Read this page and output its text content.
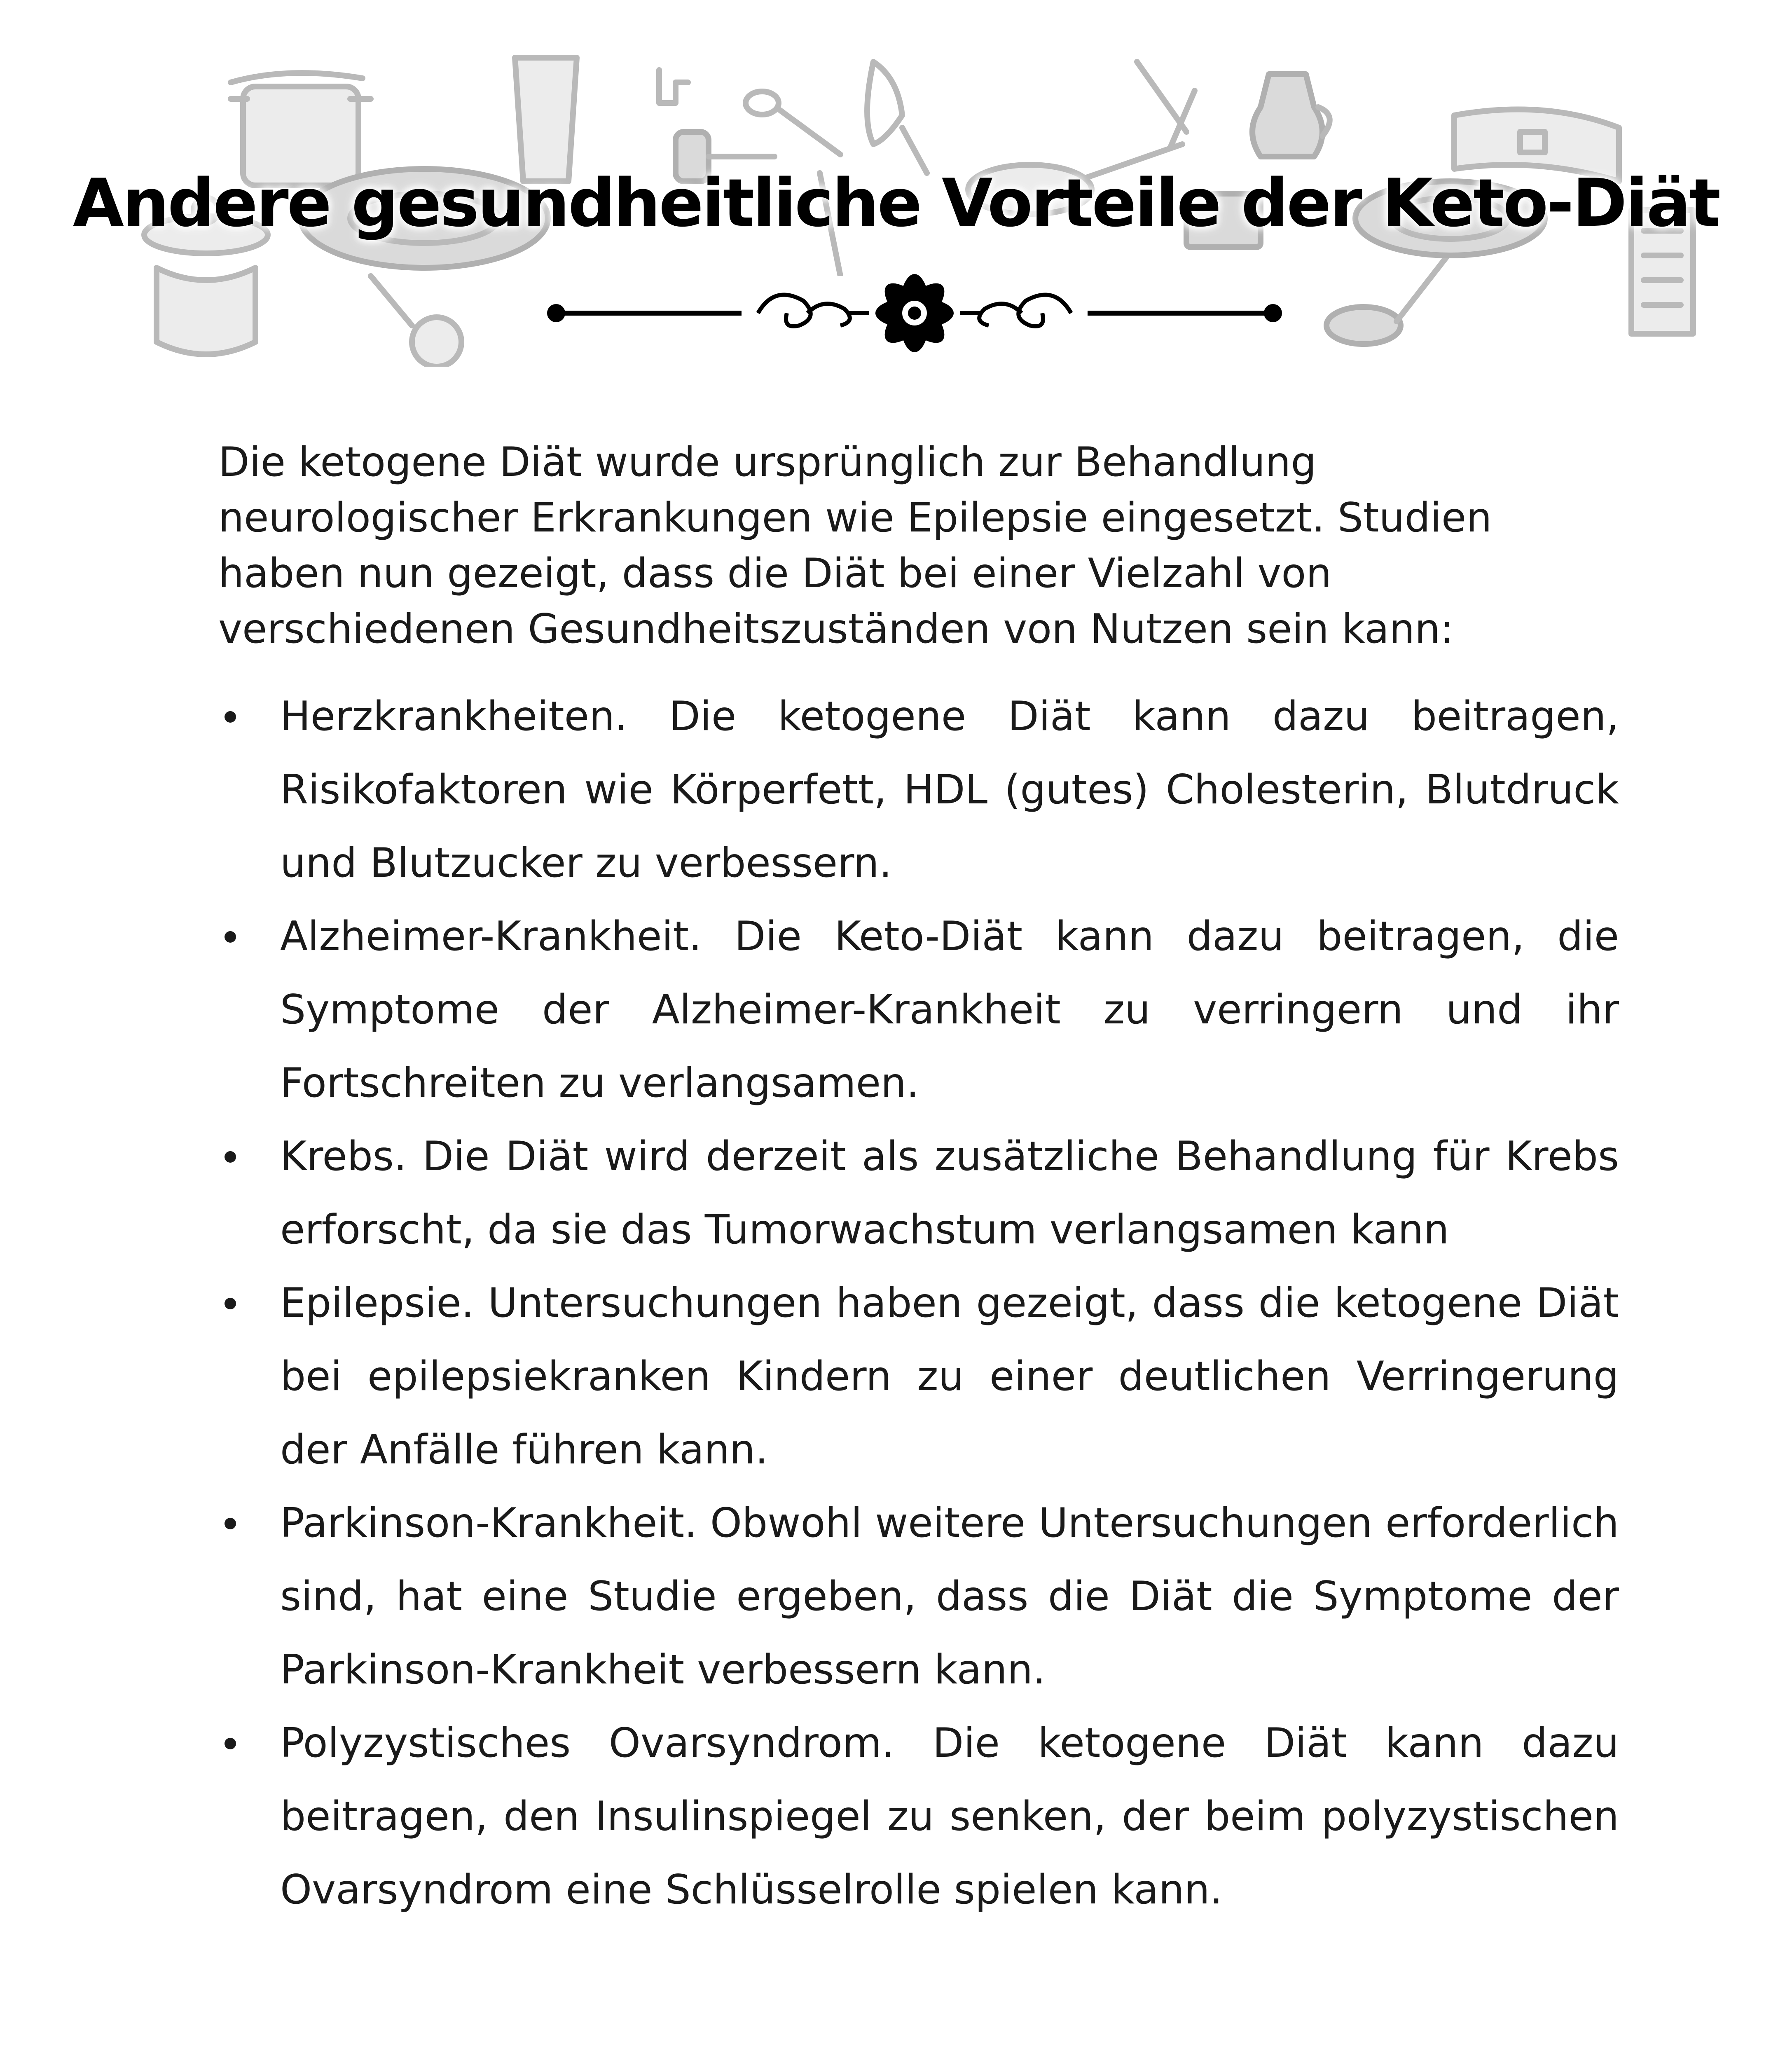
Andere gesundheitliche Vorteile der Keto-Diät

Die ketogene Diät wurde ursprünglich zur Behandlung neurologischer Erkrankungen wie Epilepsie eingesetzt. Studien haben nun gezeigt, dass die Diät bei einer Vielzahl von verschiedenen Gesundheitszuständen von Nutzen sein kann:

Herzkrankheiten. Die ketogene Diät kann dazu beitragen, Risikofaktoren wie Körperfett, HDL (gutes) Cholesterin, Blutdruck und Blutzucker zu verbessern.
Alzheimer-Krankheit. Die Keto-Diät kann dazu beitragen, die Symptome der Alzheimer-Krankheit zu verringern und ihr Fortschreiten zu verlangsamen.
Krebs. Die Diät wird derzeit als zusätzliche Behandlung für Krebs erforscht, da sie das Tumorwachstum verlangsamen kann
Epilepsie. Untersuchungen haben gezeigt, dass die ketogene Diät bei epilepsiekranken Kindern zu einer deutlichen Verringerung der Anfälle führen kann.
Parkinson-Krankheit. Obwohl weitere Untersuchungen erforderlich sind, hat eine Studie ergeben, dass die Diät die Symptome der Parkinson-Krankheit verbessern kann.
Polyzystisches Ovarsyndrom. Die ketogene Diät kann dazu beitragen, den Insulinspiegel zu senken, der beim polyzystischen Ovarsyndrom eine Schlüsselrolle spielen kann.
